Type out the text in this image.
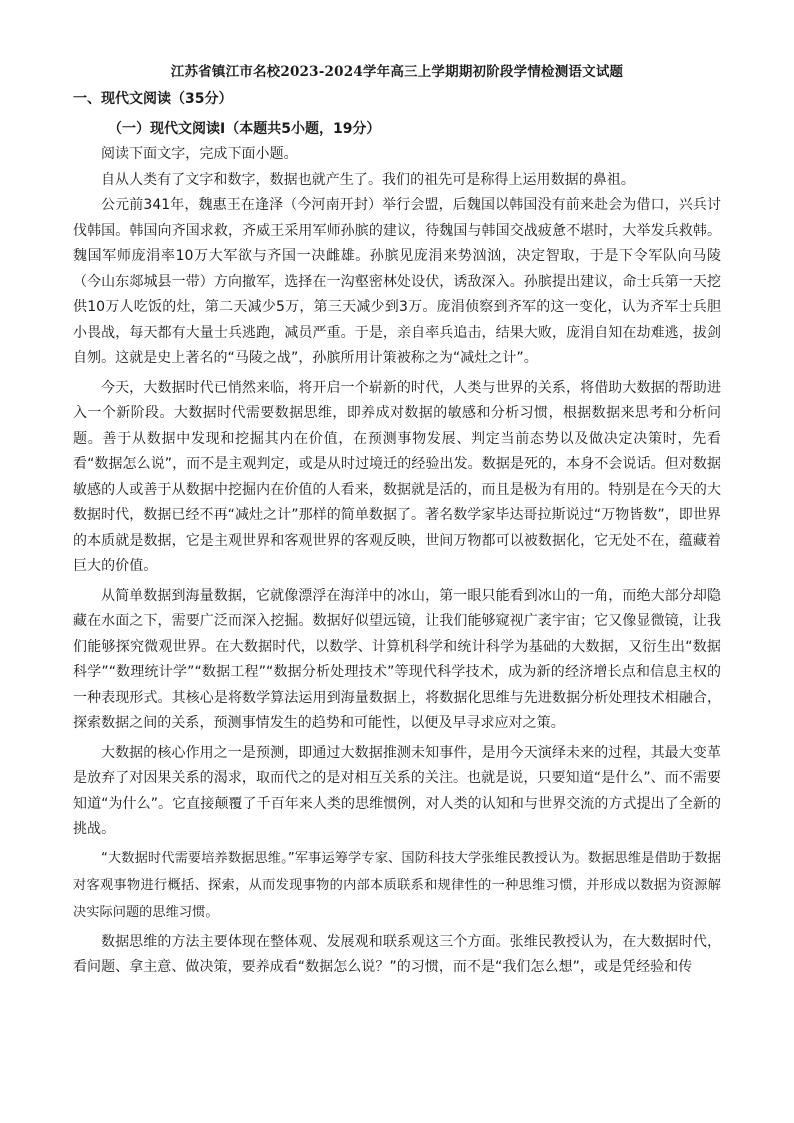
江苏省镇江市名校2023-2024学年高三上学期期初阶段学情检测语文试题
一、现代文阅读（35分）
（一）现代文阅读I（本题共5小题，19分）

阅读下面文字，完成下面小题。

自从人类有了文字和数字，数据也就产生了。我们的祖先可是称得上运用数据的鼻祖。

公元前341年，魏惠王在逢泽（今河南开封）举行会盟，后魏国以韩国没有前来赴会为借口，兴兵讨伐韩国。韩国向齐国求救，齐威王采用军师孙膑的建议，待魏国与韩国交战疲惫不堪时，大举发兵救韩。魏国军师庞涓率10万大军欲与齐国一决雌雄。孙膑见庞涓来势汹汹，决定智取，于是下令军队向马陵（今山东郯城县一带）方向撤军，选择在一沟壑密林处设伏，诱敌深入。孙膑提出建议，命士兵第一天挖供10万人吃饭的灶，第二天减少5万，第三天减少到3万。庞涓侦察到齐军的这一变化，认为齐军士兵胆小畏战，每天都有大量士兵逃跑，减员严重。于是，亲自率兵追击，结果大败，庞涓自知在劫难逃，拔剑自刎。这就是史上著名的“马陵之战”，孙膑所用计策被称之为“减灶之计”。

今天，大数据时代已悄然来临，将开启一个崭新的时代，人类与世界的关系，将借助大数据的帮助进入一个新阶段。大数据时代需要数据思维，即养成对数据的敏感和分析习惯，根据数据来思考和分析问题。善于从数据中发现和挖掘其内在价值，在预测事物发展、判定当前态势以及做决定决策时，先看看“数据怎么说”，而不是主观判定，或是从时过境迁的经验出发。数据是死的，本身不会说话。但对数据敏感的人或善于从数据中挖掘内在价值的人看来，数据就是活的，而且是极为有用的。特别是在今天的大数据时代，数据已经不再“减灶之计”那样的简单数据了。著名数学家毕达哥拉斯说过“万物皆数”，即世界的本质就是数据，它是主观世界和客观世界的客观反映，世间万物都可以被数据化，它无处不在，蕴藏着巨大的价值。

从简单数据到海量数据，它就像漂浮在海洋中的冰山，第一眼只能看到冰山的一角，而绝大部分却隐藏在水面之下，需要广泛而深入挖掘。数据好似望远镜，让我们能够窥视广袤宇宙；它又像显微镜，让我们能够探究微观世界。在大数据时代，以数学、计算机科学和统计科学为基础的大数据，又衍生出“数据科学”“数理统计学”“数据工程”“数据分析处理技术”等现代科学技术，成为新的经济增长点和信息主权的一种表现形式。其核心是将数学算法运用到海量数据上，将数据化思维与先进数据分析处理技术相融合，探索数据之间的关系，预测事情发生的趋势和可能性，以便及早寻求应对之策。

大数据的核心作用之一是预测，即通过大数据推测未知事件，是用今天演绎未来的过程，其最大变革是放弃了对因果关系的渴求，取而代之的是对相互关系的关注。也就是说，只要知道“是什么”、而不需要知道“为什么”。它直接颠覆了千百年来人类的思维惯例，对人类的认知和与世界交流的方式提出了全新的挑战。

“大数据时代需要培养数据思维。”军事运筹学专家、国防科技大学张维民教授认为。数据思维是借助于数据对客观事物进行概括、探索，从而发现事物的内部本质联系和规律性的一种思维习惯，并形成以数据为资源解决实际问题的思维习惯。

数据思维的方法主要体现在整体观、发展观和联系观这三个方面。张维民教授认为，在大数据时代，看问题、拿主意、做决策，要养成看“数据怎么说？”的习惯，而不是“我们怎么想”，或是凭经验和传
